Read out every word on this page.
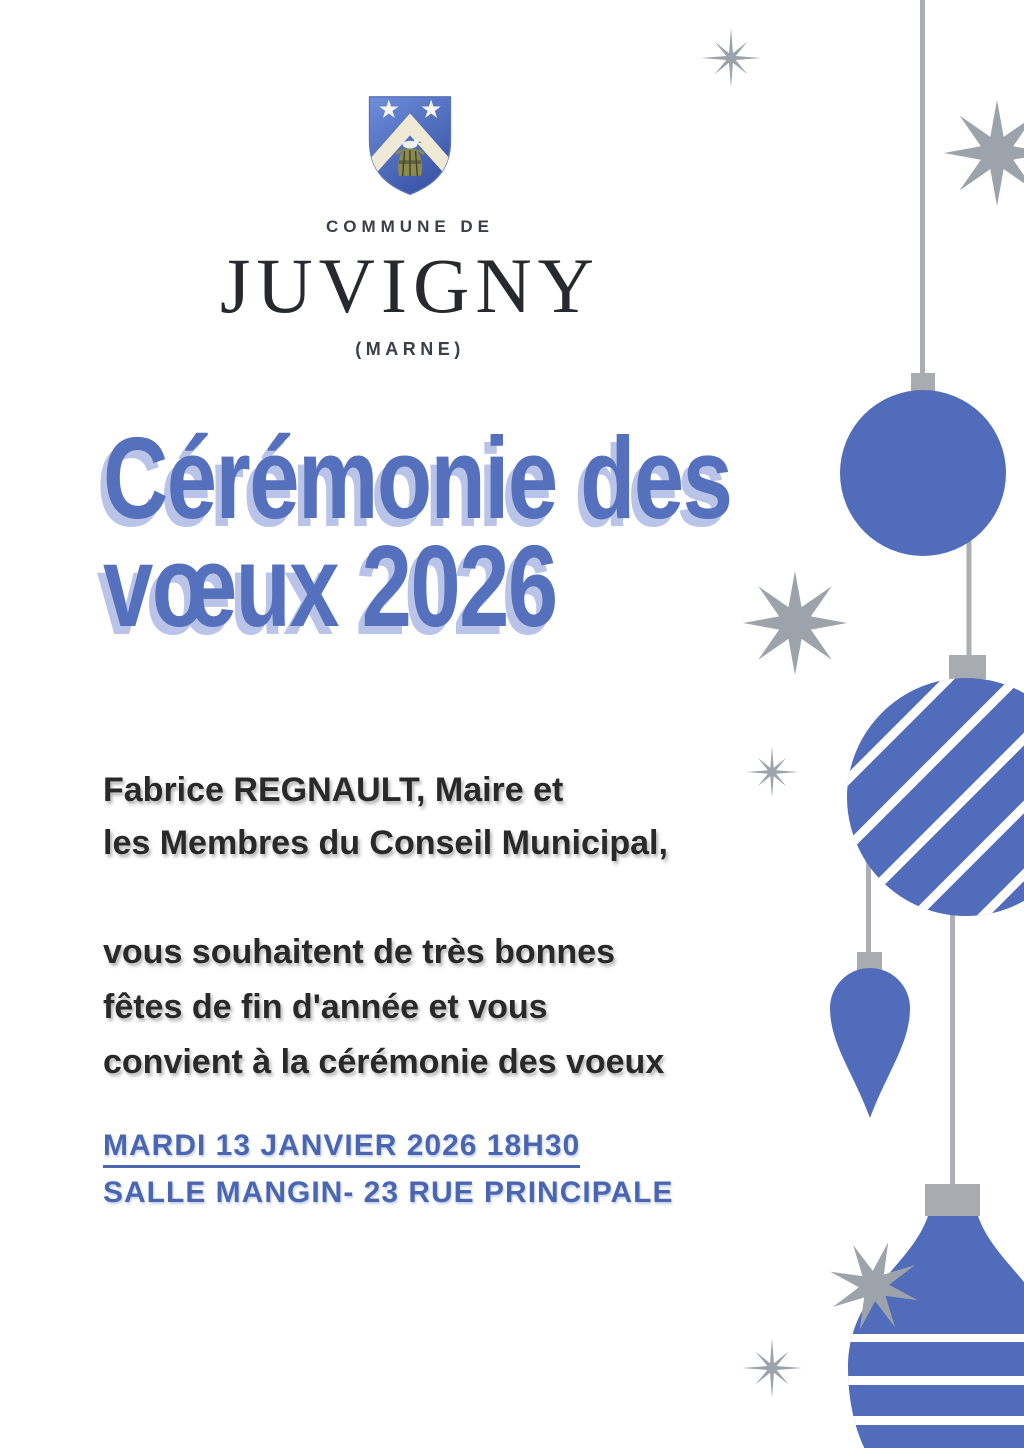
COMMUNE DE
JUVIGNY
(MARNE)
Cérémonie des
vœux 2026

Fabrice REGNAULT, Maire et
les Membres du Conseil Municipal,

vous souhaitent de très bonnes
fêtes de fin d'année et vous
convient à la cérémonie des voeux

MARDI 13 JANVIER 2026 18H30
SALLE MANGIN- 23 RUE PRINCIPALE
